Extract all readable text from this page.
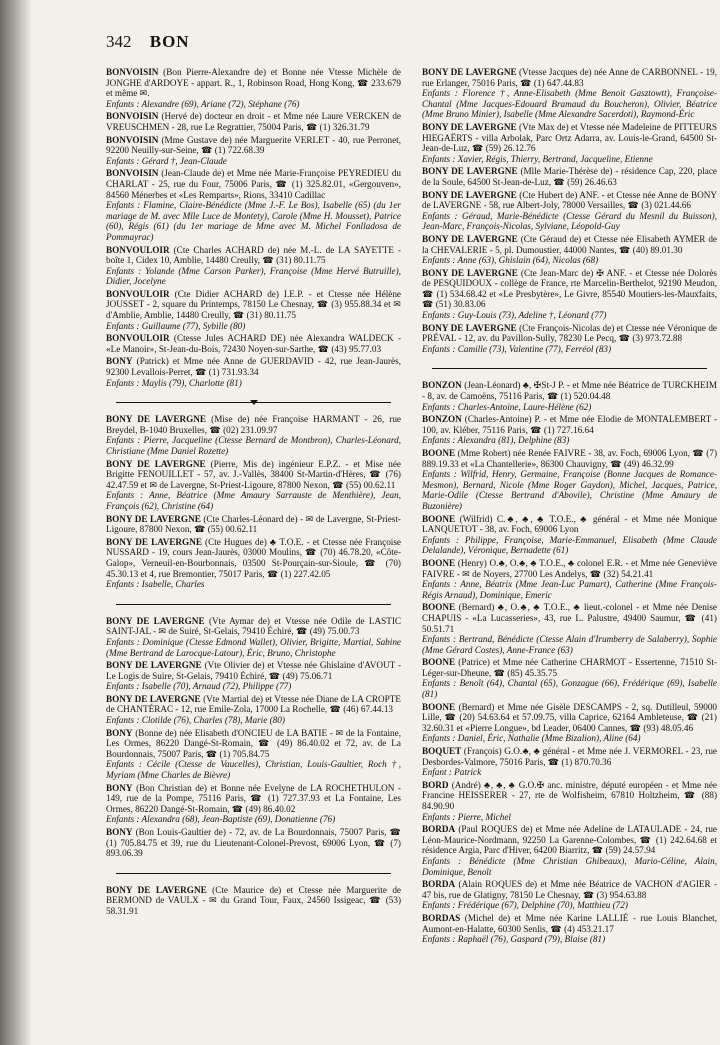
342 BON
BONVOISIN (Bon Pierre-Alexandre de) et Bonne née Vtesse Michèle de JONGHE d'ARDOYE - appart. R., 1, Robinson Road, Hong Kong, ☎ 233.679 et même ✉.
Enfants : Alexandre (69), Ariane (72), Stéphane (76)
BONVOISIN (Hervé de) docteur en droit - et Mme née Laure VERCKEN de VREUSCHMEN - 28, rue Le Regrattier, 75004 Paris, ☎ (1) 326.31.79
BONVOISIN (Mme Gustave de) née Marguerite VERLET - 40, rue Perronet, 92200 Neuilly-sur-Seine, ☎ (1) 722.68.39
Enfants : Gérard †, Jean-Claude
BONVOISIN (Jean-Claude de) et Mme née Marie-Françoise PEYREDIEU du CHARLAT - 25, rue du Four, 75006 Paris, ☎ (1) 325.82.01, «Gergouven», 84560 Ménerbes et «Les Remparts», Rions, 33410 Cadillac
Enfants : Flamine, Claire-Bénédicte (Mme J.-F. Le Bos), Isabelle (65) (du 1er mariage de M. avec Mlle Luce de Montety), Carole (Mme H. Mousset), Patrice (60), Régis (61) (du 1er mariage de Mme avec M. Michel Fonlladosa de Pommayrac)
BONVOULOIR (Cte Charles ACHARD de) née M.-L. de LA SAYETTE - boîte 1, Cidex 10, Amblie, 14480 Creully, ☎ (31) 80.11.75
Enfants : Yolande (Mme Carson Parker), Françoise (Mme Hervé Butruille), Didier, Jocelyne
BONVOULOIR (Cte Didier ACHARD de) I.E.P. - et Ctesse née Hélène JOUSSET - 2, square du Printemps, 78150 Le Chesnay, ☎ (3) 955.88.34 et ✉ d'Amblie, Amblie, 14480 Creully, ☎ (31) 80.11.75
Enfants : Guillaume (77), Sybille (80)
BONVOULOIR (Ctesse Jules ACHARD DE) née Alexandra WALDECK - «Le Manoir», St-Jean-du-Bois, 72430 Noyen-sur-Sarthe, ☎ (43) 95.77.03
BONY (Patrick) et Mme née Anne de GUERDAVID - 42, rue Jean-Jaurès, 92300 Levallois-Perret, ☎ (1) 731.93.34
Enfants : Maylis (79), Charlotte (81)
BONY DE LAVERGNE (Mise de) née Françoise HARMANT - 26, rue Breydel, B-1040 Bruxelles, ☎ (02) 231.09.97
Enfants : Pierre, Jacqueline (Ctesse Bernard de Montbron), Charles-Léonard, Christiane (Mme Daniel Rozette)
BONY DE LAVERGNE (Pierre, Mis de) ingénieur E.P.Z. - et Mise née Brigitte FENOUILLET - 57, av. J.-Vallès, 38400 St-Martin-d'Hères, ☎ (76) 42.47.59 et ✉ de Lavergne, St-Priest-Ligoure, 87800 Nexon, ☎ (55) 00.62.11
Enfants : Anne, Béatrice (Mme Amaury Sarrauste de Menthière), Jean, François (62), Christine (64)
BONY DE LAVERGNE (Cte Charles-Léonard de) - ✉ de Lavergne, St-Priest-Ligoure, 87800 Nexon, ☎ (55) 00.62.11
BONY DE LAVERGNE (Cte Hugues de) ♣ T.O.E. - et Ctesse née Françoise NUSSARD - 19, cours Jean-Jaurès, 03000 Moulins, ☎ (70) 46.78.20, «Côte-Galop», Verneuil-en-Bourbonnais, 03500 St-Pourçain-sur-Sioule, ☎ (70) 45.30.13 et 4, rue Bremontier, 75017 Paris, ☎ (1) 227.42.05
Enfants : Isabelle, Charles
BONY DE LAVERGNE (Vte Aymar de) et Vtesse née Odile de LASTIC SAINT-JAL - ✉ de Suiré, St-Gelais, 79410 Échiré, ☎ (49) 75.00.73
Enfants : Dominique (Ctesse Edmond Wallet), Olivier, Brigitte, Martial, Sabine (Mme Bertrand de Larocque-Latour), Éric, Bruno, Christophe
BONY DE LAVERGNE (Vte Olivier de) et Vtesse née Ghislaine d'AVOUT - Le Logis de Suire, St-Gelais, 79410 Échiré, ☎ (49) 75.06.71
Enfants : Isabelle (70), Arnaud (72), Philippe (77)
BONY DE LAVERGNE (Vte Martial de) et Vtesse née Diane de LA CROPTE de CHANTÉRAC - 12, rue Emile-Zola, 17000 La Rochelle, ☎ (46) 67.44.13
Enfants : Clotilde (76), Charles (78), Marie (80)
BONY (Bonne de) née Elisabeth d'ONCIEU de LA BATIE - ✉ de la Fontaine, Les Ormes, 86220 Dangé-St-Romain, ☎ (49) 86.40.02 et 72, av. de La Bourdonnais, 75007 Paris, ☎ (1) 705.84.75
Enfants : Cécile (Ctesse de Vaucelles), Christian, Louis-Gaultier, Roch †, Myriam (Mme Charles de Bièvre)
BONY (Bon Christian de) et Bonne née Evelyne de LA ROCHETHULON - 149, rue de la Pompe, 75116 Paris, ☎ (1) 727.37.93 et La Fontaine, Les Ormes, 86220 Dangé-St-Romain, ☎ (49) 86.40.02
Enfants : Alexandra (68), Jean-Baptiste (69), Donatienne (76)
BONY (Bon Louis-Gaultier de) - 72, av. de La Bourdonnais, 75007 Paris, ☎ (1) 705.84.75 et 39, rue du Lieutenant-Colonel-Prevost, 69006 Lyon, ☎ (7) 893.06.39
BONY DE LAVERGNE (Cte Maurice de) et Ctesse née Marguerite de BERMOND de VAULX - ✉ du Grand Tour, Faux, 24560 Issigeac, ☎ (53) 58.31.91
BONY DE LAVERGNE (Vtesse Jacques de) née Anne de CARBONNEL - 19, rue Erlanger, 75016 Paris, ☎ (1) 647.44.83
Enfants : Florence †, Anne-Elisabeth (Mme Benoit Gasztowtt), Françoise-Chantal (Mme Jacques-Edouard Bramaud du Boucheron), Olivier, Béatrice (Mme Bruno Minier), Isabelle (Mme Alexandre Sacerdoti), Raymond-Éric
BONY DE LAVERGNE (Vte Max de) et Vtesse née Madeleine de PITTEURS HIEGAËRTS - villa Arbolak, Parc Ortz Adarra, av. Louis-le-Grand, 64500 St-Jean-de-Luz, ☎ (59) 26.12.76
Enfants : Xavier, Régis, Thierry, Bertrand, Jacqueline, Etienne
BONY DE LAVERGNE (Mlle Marie-Thérèse de) - résidence Cap, 220, place de la Soule, 64500 St-Jean-de-Luz, ☎ (59) 26.46.63
BONY DE LAVERGNE (Cte Hubert de) ANF. - et Ctesse née Anne de BONY de LAVERGNE - 58, rue Albert-Joly, 78000 Versailles, ☎ (3) 021.44.66
Enfants : Géraud, Marie-Bénédicte (Ctesse Gérard du Mesnil du Buisson), Jean-Marc, François-Nicolas, Sylviane, Léopold-Guy
BONY DE LAVERGNE (Cte Géraud de) et Ctesse née Elisabeth AYMER de la CHEVALERIE - 5, pl. Dumoustier, 44000 Nantes, ☎ (40) 89.01.30
Enfants : Anne (63), Ghislain (64), Nicolas (68)
BONY DE LAVERGNE (Cte Jean-Marc de) ✠ ANF. - et Ctesse née Dolorès de PESQUIDOUX - collège de France, rte Marcelin-Berthelot, 92190 Meudon, ☎ (1) 534.68.42 et «Le Presbytère», Le Givre, 85540 Moutiers-les-Mauxfaits, ☎ (51) 30.83.06
Enfants : Guy-Louis (73), Adeline †, Léonard (77)
BONY DE LAVERGNE (Cte François-Nicolas de) et Ctesse née Véronique de PRÉVAL - 12, av. du Pavillon-Sully, 78230 Le Pecq, ☎ (3) 973.72.88
Enfants : Camille (73), Valentine (77), Ferréol (83)
BONZON (Jean-Léonard) ♣, ✠St-J P. - et Mme née Béatrice de TURCKHEIM - 8, av. de Camoëns, 75116 Paris, ☎ (1) 520.04.48
Enfants : Charles-Antoine, Laure-Hélène (62)
BONZON (Charles-Antoine) P. - et Mme née Elodie de MONTALEMBERT - 100, av. Kléber, 75116 Paris, ☎ (1) 727.16.64
Enfants : Alexandra (81), Delphine (83)
BOONE (Mme Robert) née Renée FAIVRE - 38, av. Foch, 69006 Lyon, ☎ (7) 889.19.33 et «La Chantellerie», 86300 Chauvigny, ☎ (49) 46.32.99
Enfants : Wilfrid, Henry, Germaine, Françoise (Bonne Jacques de Romance-Mesmon), Bernard, Nicole (Mme Roger Gaydon), Michel, Jacques, Patrice, Marie-Odile (Ctesse Bertrand d'Abovile), Christine (Mme Amaury de Buzonière)
BOONE (Wilfrid) C.♣, ♣, ♣ T.O.E., ♣ général - et Mme née Monique LANQUETOT - 38, av. Foch, 69006 Lyon
Enfants : Philippe, Françoise, Marie-Emmanuel, Elisabeth (Mme Claude Delalande), Véronique, Bernadette (61)
BOONE (Henry) O.♣, O.♣, ♣ T.O.E., ♣ colonel E.R. - et Mme née Geneviève FAIVRE - ✉ de Noyers, 27700 Les Andelys, ☎ (32) 54.21.41
Enfants : Anne, Béatrix (Mme Jean-Luc Pamart), Catherine (Mme François-Régis Arnaud), Dominique, Emeric
BOONE (Bernard) ♣, O.♣, ♣ T.O.E., ♣ lieut.-colonel - et Mme née Denise CHAPUIS - «La Lucasseries», 43, rue L. Palustre, 49400 Saumur, ☎ (41) 50.51.71
Enfants : Bertrand, Bénédicte (Ctesse Alain d'Irumberry de Salaberry), Sophie (Mme Gérard Costes), Anne-France (63)
BOONE (Patrice) et Mme née Catherine CHARMOT - Essertenne, 71510 St-Léger-sur-Dheune, ☎ (85) 45.35.75
Enfants : Benoît (64), Chantal (65), Gonzague (66), Frédérique (69), Isabelle (81)
BOONE (Bernard) et Mme née Gisèle DESCAMPS - 2, sq. Dutilleul, 59000 Lille, ☎ (20) 54.63.64 et 57.09.75, villa Caprice, 62164 Ambleteuse, ☎ (21) 32.60.31 et «Pierre Longue», bd Leader, 06400 Cannes, ☎ (93) 48.05.46
Enfants : Daniel, Éric, Nathalie (Mme Bizalion), Aline (64)
BOQUET (François) G.O.♣, ♣ général - et Mme née J. VERMOREL - 23, rue Desbordes-Valmore, 75016 Paris, ☎ (1) 870.70.36
Enfant : Patrick
BORD (André) ♣, ♣, ♣ G.O.✠ anc. ministre, député européen - et Mme née Francine HEISSERER - 27, rte de Wolfisheim, 67810 Holtzheim, ☎ (88) 84.90.90
Enfants : Pierre, Michel
BORDA (Paul ROQUES de) et Mme née Adeline de LATAULADE - 24, rue Léon-Maurice-Nordmann, 92250 La Garenne-Colombes, ☎ (1) 242.64.68 et résidence Argia, Parc d'Hiver, 64200 Biarritz, ☎ (59) 24.57.94
Enfants : Bénédicte (Mme Christian Ghibeaux), Mario-Céline, Alain, Dominique, Benoît
BORDA (Alain ROQUES de) et Mme née Béatrice de VACHON d'AGIER - 47 bis, rue de Glatigny, 78150 Le Chesnay, ☎ (3) 954.63.88
Enfants : Frédérique (67), Delphine (70), Matthieu (72)
BORDAS (Michel de) et Mme née Karine LALLIÉ - rue Louis Blanchet, Aumont-en-Halatte, 60300 Senlis, ☎ (4) 453.21.17
Enfants : Raphaël (76), Gaspard (79), Blaise (81)
